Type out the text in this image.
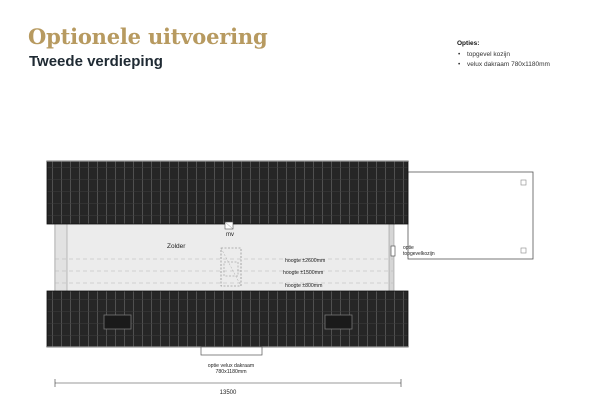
Optionele uitvoering
Tweede verdieping
Opties:
• topgevel kozijn
• velux dakraam 780x1180mm
Zolder
mv
hoogte ±2600mm
hoogte ±1500mm
hoogte ±800mm
optie
topgevelkozijn
optie velux dakraam
780x1180mm
13500
